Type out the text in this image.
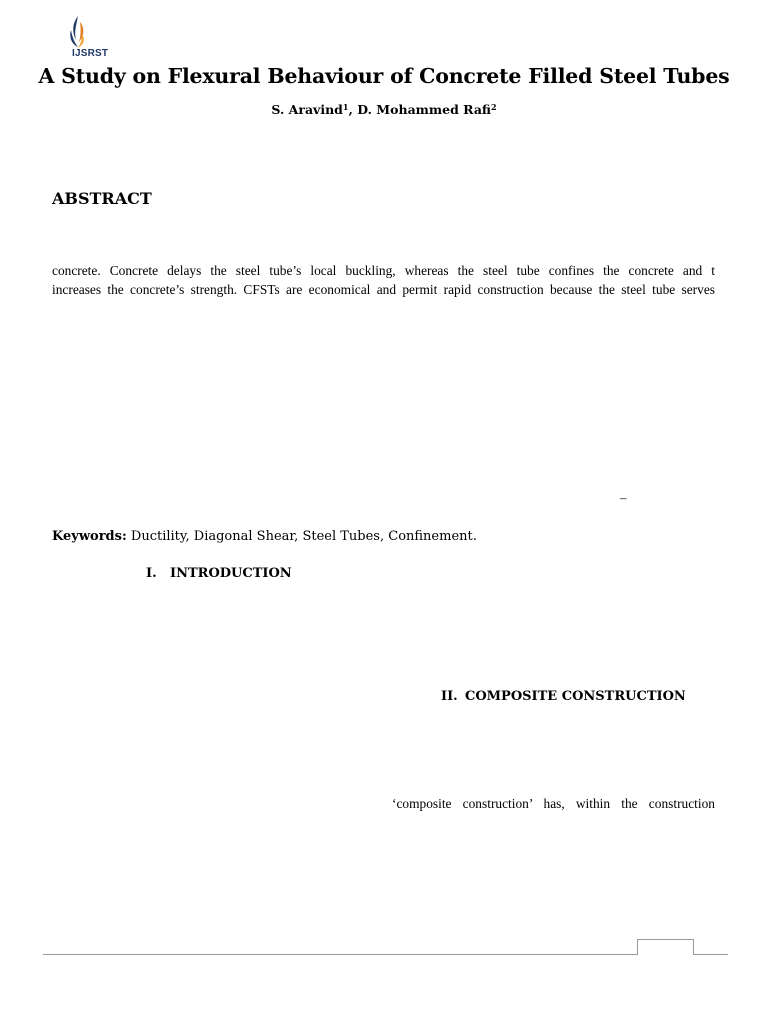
IJSRST
A Study on Flexural Behaviour of Concrete Filled Steel Tubes
S. Aravind$^1$, D. Mohammed Rafi$^2$
ABSTRACT
concrete. Concrete delays the steel tube’s local buckling, whereas the steel tube confines the concrete and t
increases the concrete’s strength. CFSTs are economical and permit rapid construction because the steel tube serves
–
Keywords: Ductility, Diagonal Shear, Steel Tubes, Confinement.
I. INTRODUCTION
II. COMPOSITE CONSTRUCTION
‘composite construction’ has, within the construction
